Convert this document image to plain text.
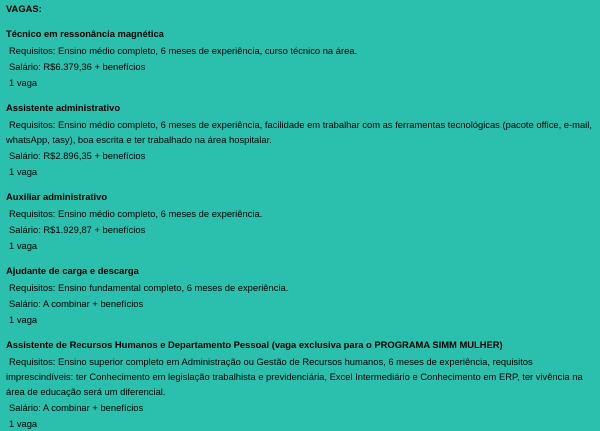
VAGAS:
Técnico em ressonância magnética
Requisitos: Ensino médio completo, 6 meses de experiência, curso técnico na área.
Salário: R$6.379,36 + benefícios
1 vaga
Assistente administrativo
Requisitos: Ensino médio completo, 6 meses de experiência, facilidade em trabalhar com as ferramentas tecnológicas (pacote office, e-mail, whatsApp, tasy), boa escrita e ter trabalhado na área hospitalar.
Salário: R$2.896,35 + benefícios
1 vaga
Auxiliar administrativo
Requisitos: Ensino médio completo, 6 meses de experiência.
Salário: R$1.929,87 + benefícios
1 vaga
Ajudante de carga e descarga
Requisitos: Ensino fundamental completo, 6 meses de experiência.
Salário: A combinar + benefícios
1 vaga
Assistente de Recursos Humanos e Departamento Pessoal (vaga exclusiva para o PROGRAMA SIMM MULHER)
Requisitos: Ensino superior completo em Administração ou Gestão de Recursos humanos, 6 meses de experiência, requisitos imprescindíveis: ter Conhecimento em legislação trabalhista e previdenciária, Excel Intermediário e Conhecimento em ERP, ter vivência na área de educação será um diferencial.
Salário: A combinar + benefícios
1 vaga
